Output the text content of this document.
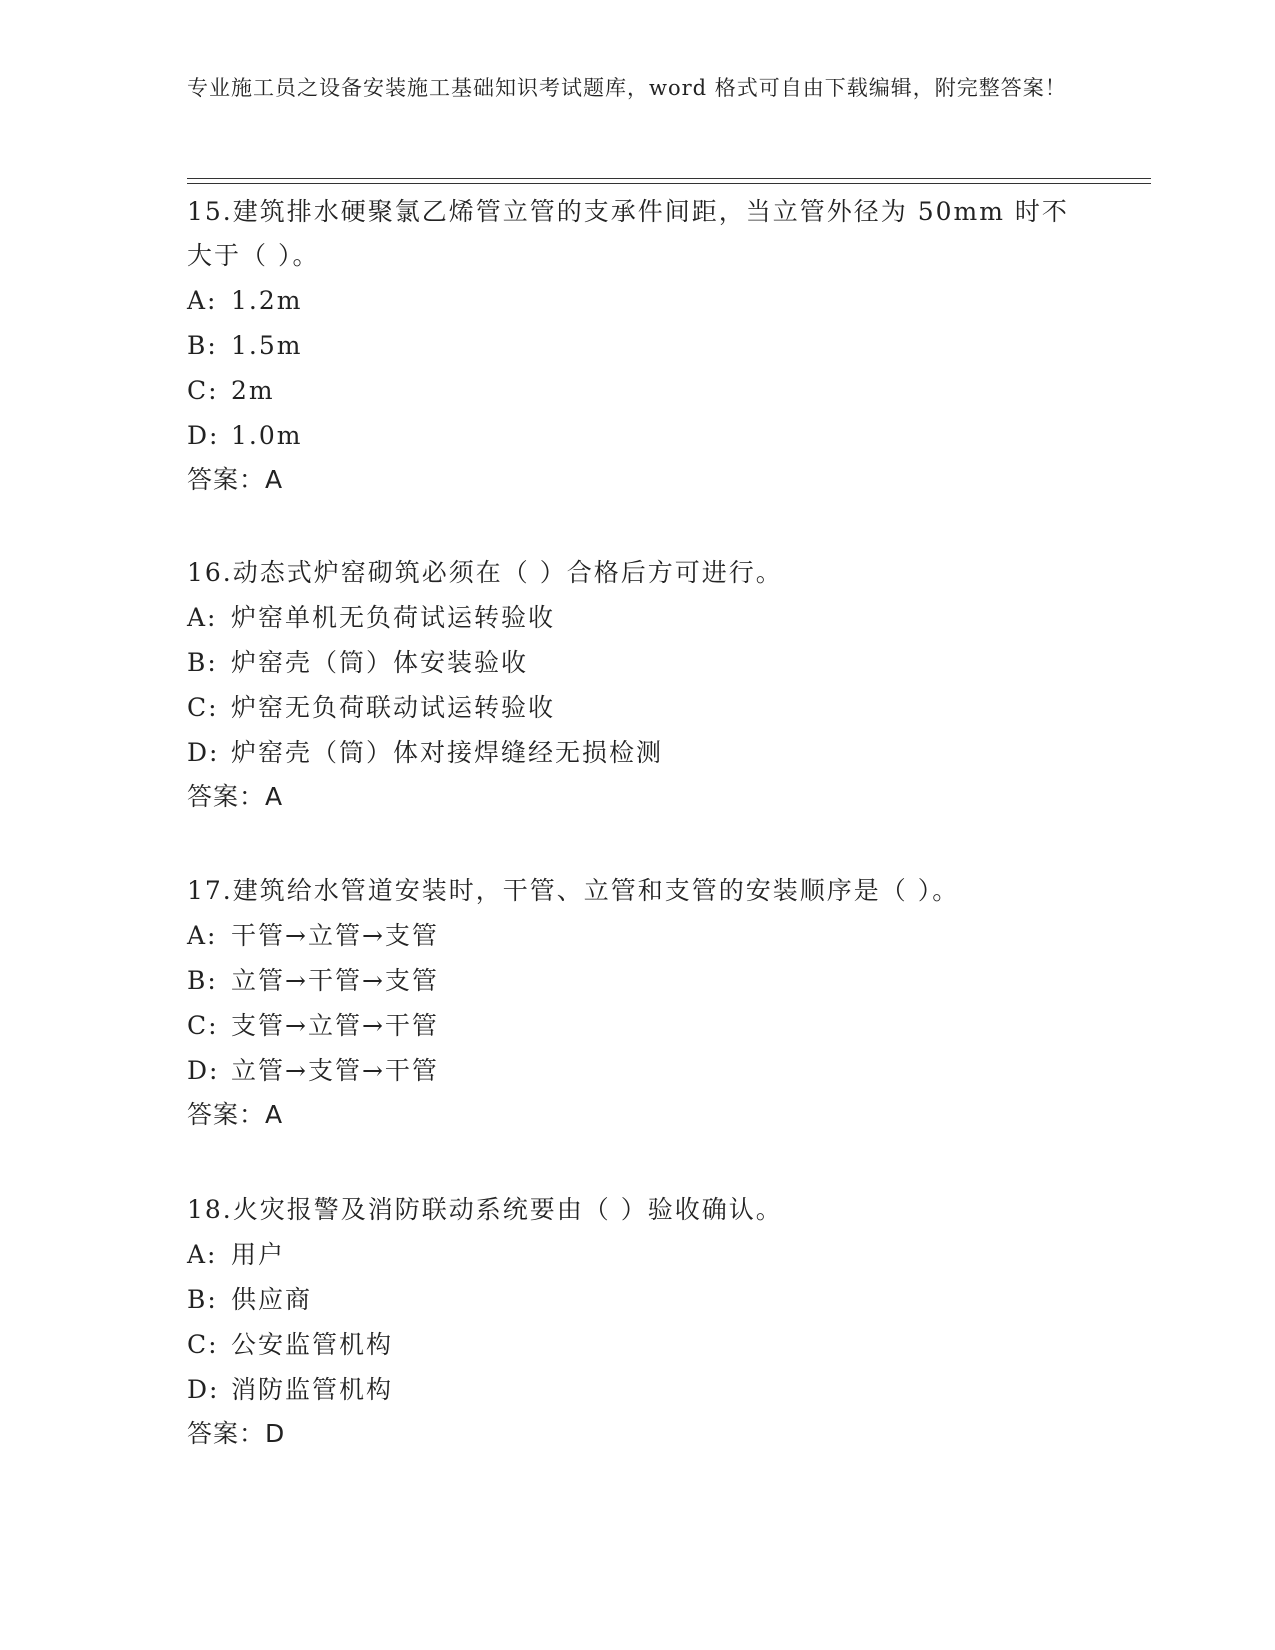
专业施工员之设备安装施工基础知识考试题库，word 格式可自由下载编辑，附完整答案！

15.建筑排水硬聚氯乙烯管立管的支承件间距，当立管外径为 50mm 时不大于（ ）。

A: 1.2m
B: 1.5m
C: 2m
D: 1.0m

答案：A

16.动态式炉窑砌筑必须在（ ）合格后方可进行。

A: 炉窑单机无负荷试运转验收
B: 炉窑壳（筒）体安装验收
C: 炉窑无负荷联动试运转验收
D: 炉窑壳（筒）体对接焊缝经无损检测

答案：A

17.建筑给水管道安装时，干管、立管和支管的安装顺序是（ ）。

A: 干管→立管→支管
B: 立管→干管→支管
C: 支管→立管→干管
D: 立管→支管→干管

答案：A

18.火灾报警及消防联动系统要由（ ）验收确认。

A: 用户
B: 供应商
C: 公安监管机构
D: 消防监管机构

答案：D
